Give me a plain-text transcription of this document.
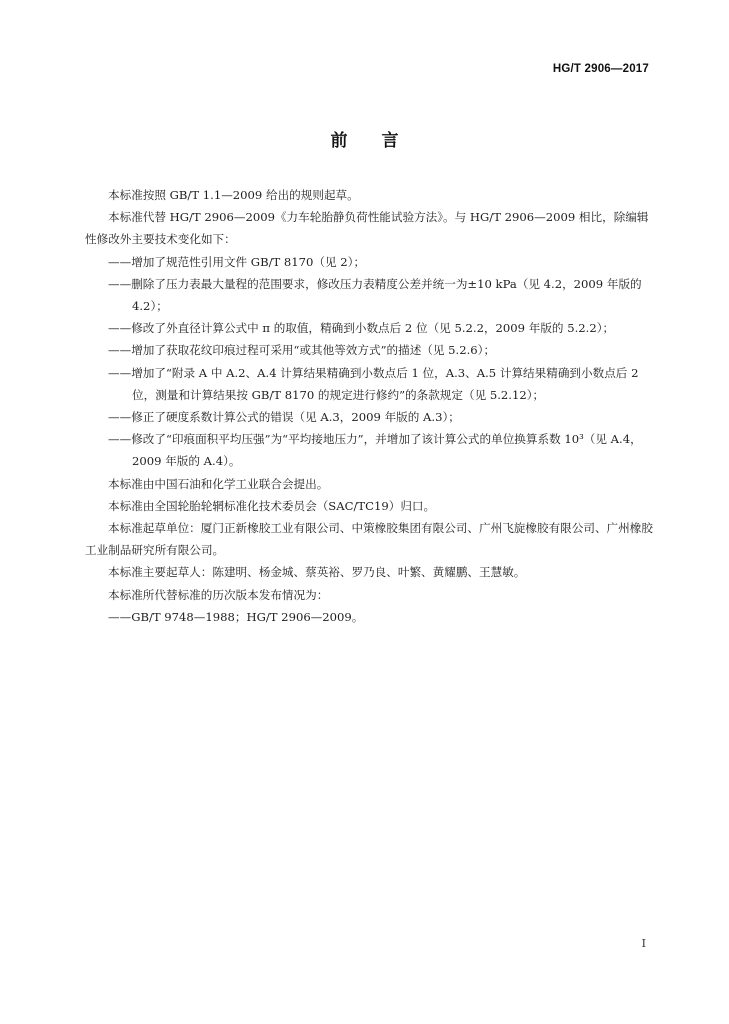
HG/T 2906—2017
前言

本标准按照 GB/T 1.1—2009 给出的规则起草。

本标准代替 HG/T 2906—2009《力车轮胎静负荷性能试验方法》。与 HG/T 2906—2009 相比，除编辑性修改外主要技术变化如下：

——增加了规范性引用文件 GB/T 8170（见 2）；

——删除了压力表最大量程的范围要求，修改压力表精度公差并统一为±10 kPa（见 4.2，2009 年版的 4.2）；

——修改了外直径计算公式中 π 的取值，精确到小数点后 2 位（见 5.2.2，2009 年版的 5.2.2）；

——增加了获取花纹印痕过程可采用“或其他等效方式”的描述（见 5.2.6）；

——增加了“附录 A 中 A.2、A.4 计算结果精确到小数点后 1 位，A.3、A.5 计算结果精确到小数点后 2 位，测量和计算结果按 GB/T 8170 的规定进行修约”的条款规定（见 5.2.12）；

——修正了硬度系数计算公式的错误（见 A.3，2009 年版的 A.3）；

——修改了“印痕面积平均压强”为“平均接地压力”，并增加了该计算公式的单位换算系数 10³（见 A.4，2009 年版的 A.4）。

本标准由中国石油和化学工业联合会提出。

本标准由全国轮胎轮辋标准化技术委员会（SAC/TC19）归口。

本标准起草单位：厦门正新橡胶工业有限公司、中策橡胶集团有限公司、广州飞旋橡胶有限公司、广州橡胶工业制品研究所有限公司。

本标准主要起草人：陈建明、杨金城、蔡英裕、罗乃良、叶繁、黄耀鹏、王慧敏。

本标准所代替标准的历次版本发布情况为：

——GB/T 9748—1988；HG/T 2906—2009。

I
